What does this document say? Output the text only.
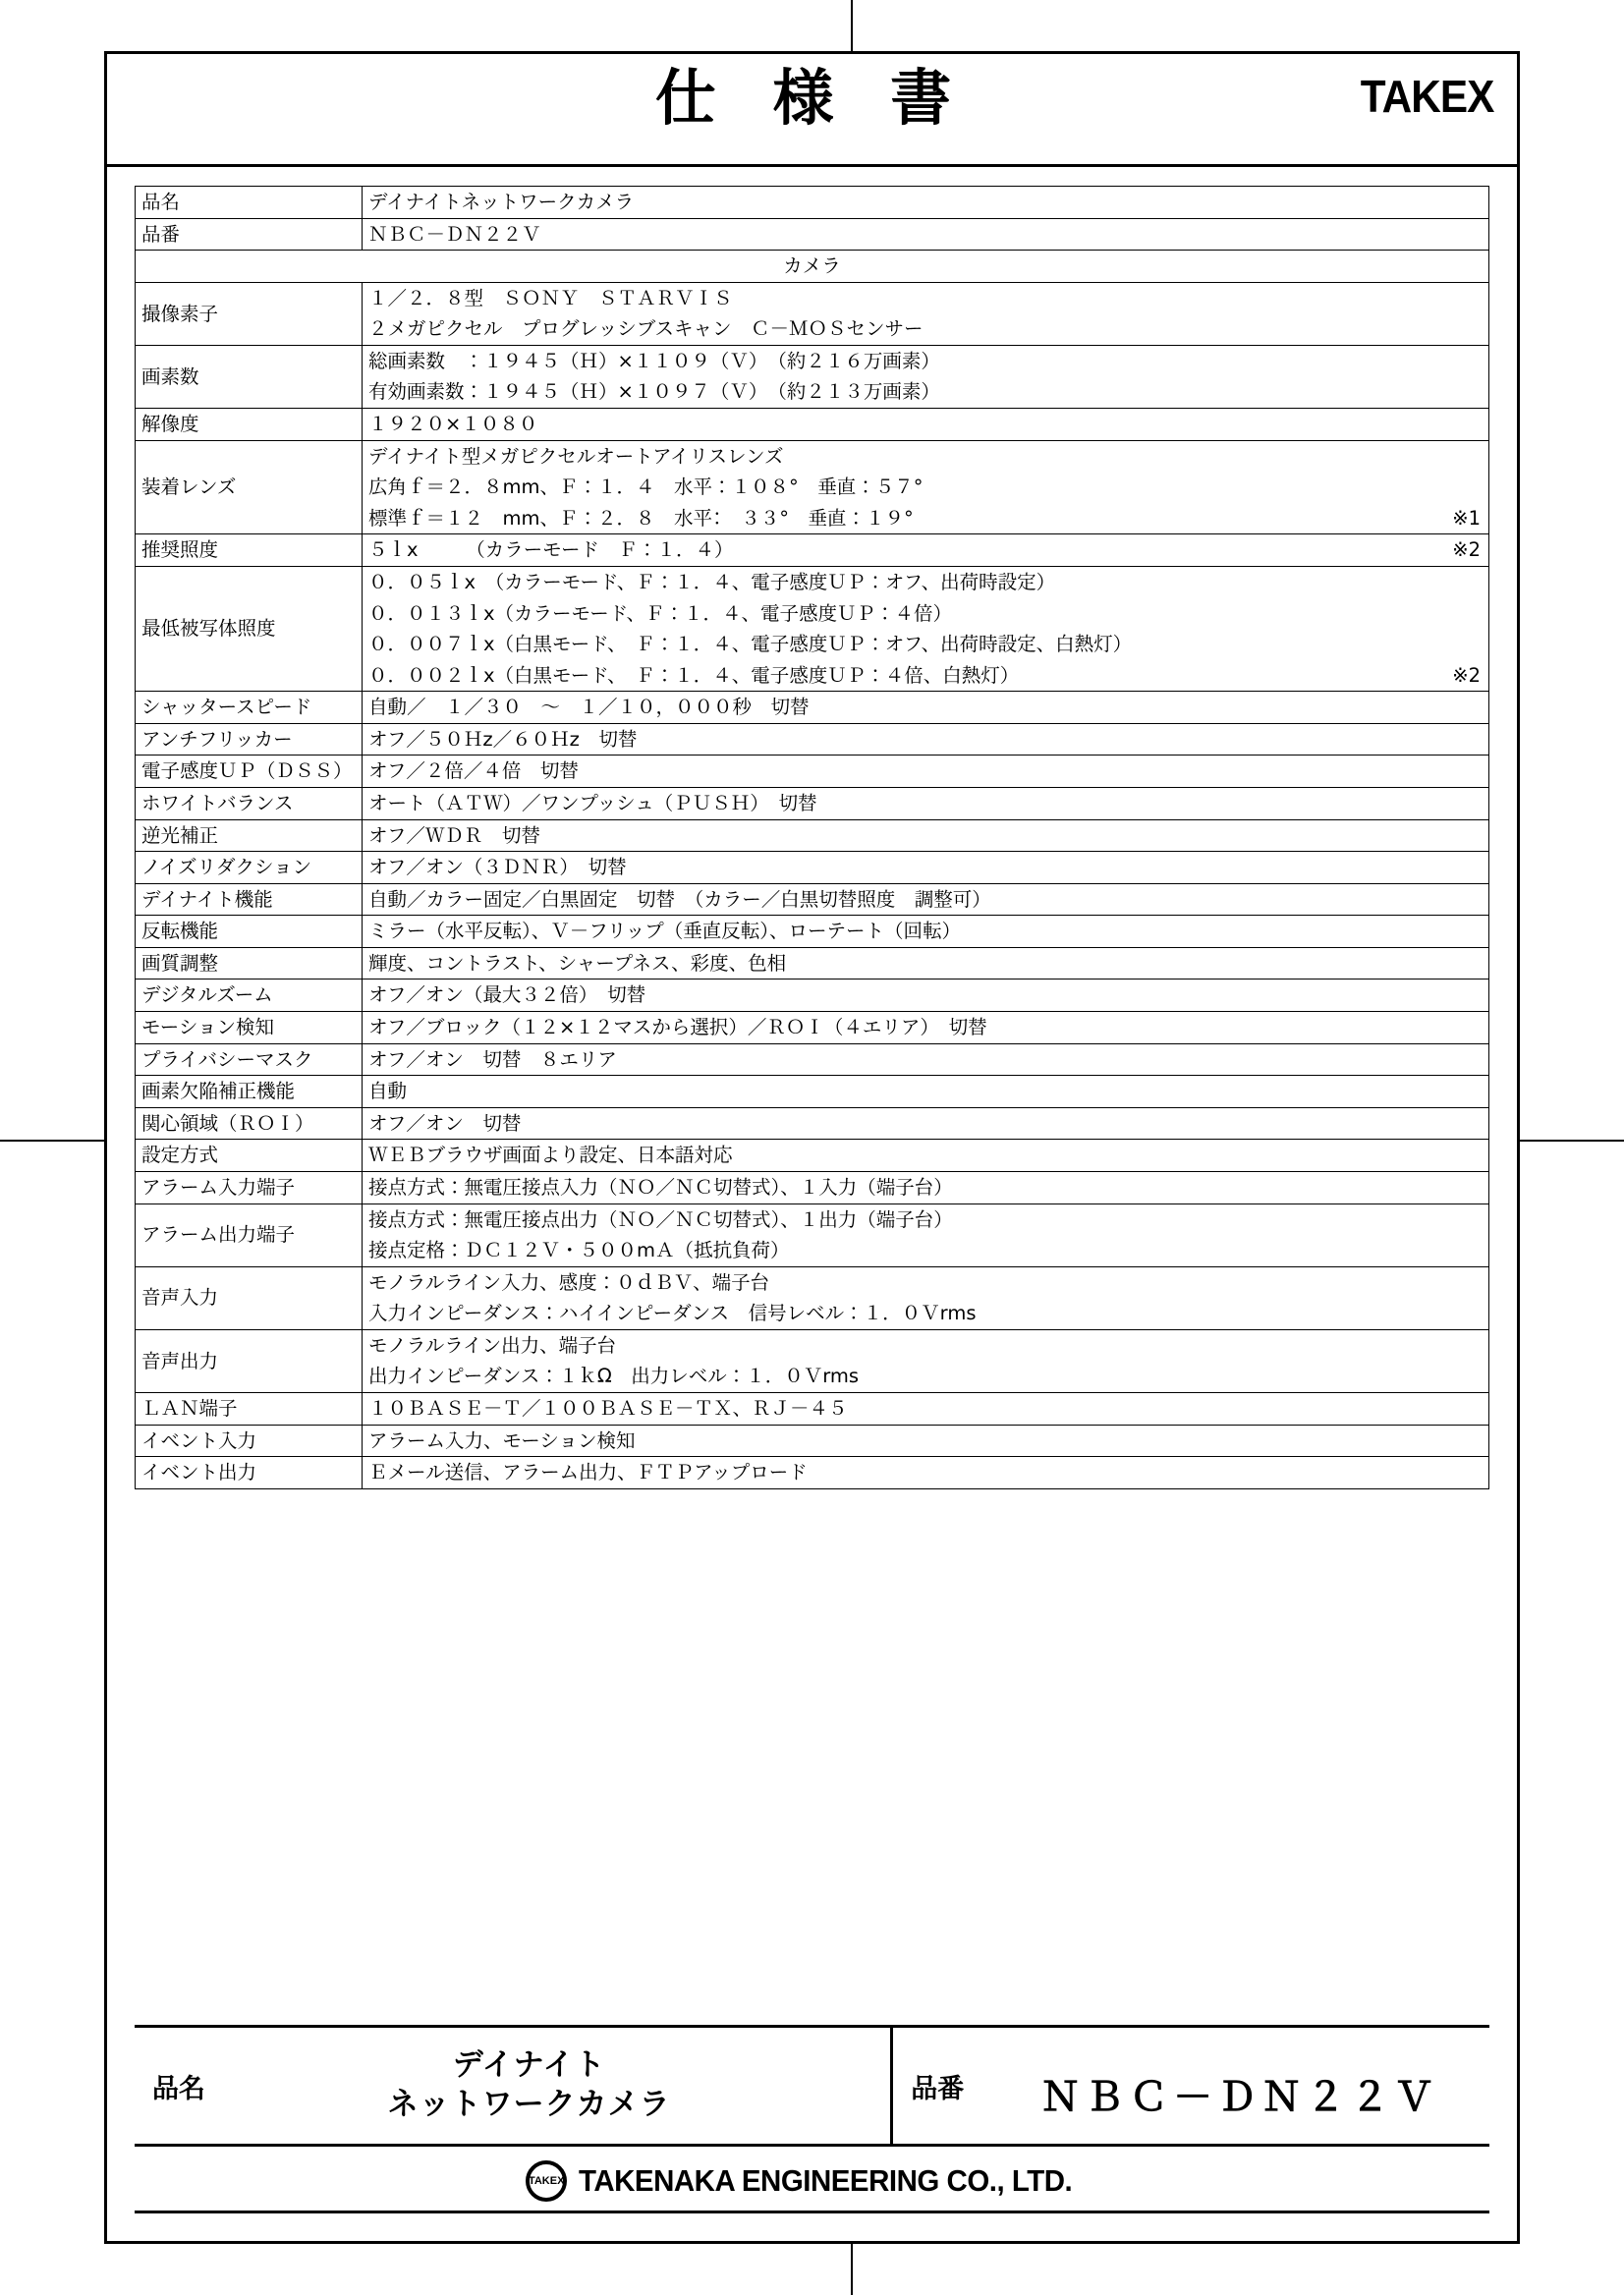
仕 様 書	TAKEX
品名	デイナイトネットワークカメラ

品番	ＮＢＣ－ＤＮ２２Ｖ

カメラ	
撮像素子	１／２．８型　ＳＯＮＹ　ＳＴＡＲＶＩＳ
２メガピクセル　プログレッシブスキャン　Ｃ－ＭＯＳセンサー

画素数	総画素数　：１９４５（Ｈ）×１１０９（Ｖ）　（約２１６万画素）
有効画素数：１９４５（Ｈ）×１０９７（Ｖ）　（約２１３万画素）

解像度	１９２０×１０８０

装着レンズ	デイナイト型メガピクセルオートアイリスレンズ
広角ｆ＝２．８mm、Ｆ：１．４　水平：１０８°　垂直：５７°
標準ｆ＝１２　mm、Ｆ：２．８　水平：　３３°　垂直：１９° ※1

推奨照度	５ｌx　　　（カラーモード　Ｆ：１．４） ※2

最低被写体照度	０．０５ｌx　（カラーモード、Ｆ：１．４、電子感度ＵＰ：オフ、出荷時設定）
０．０１３ｌx（カラーモード、Ｆ：１．４、電子感度ＵＰ：４倍）
０．００７ｌx（白黒モード、　Ｆ：１．４、電子感度ＵＰ：オフ、出荷時設定、白熱灯）
０．００２ｌx（白黒モード、　Ｆ：１．４、電子感度ＵＰ：４倍、白熱灯） ※2

シャッタースピード	自動／　１／３０　～　１／１０，０００秒　切替

アンチフリッカー	オフ／５０Ｈz／６０Ｈz　切替

電子感度ＵＰ（ＤＳＳ）	オフ／２倍／４倍　切替

ホワイトバランス	オート（ＡＴＷ）／ワンプッシュ（ＰＵＳＨ）　切替

逆光補正	オフ／ＷＤＲ　切替

ノイズリダクション	オフ／オン（３ＤＮＲ）　切替

デイナイト機能	自動／カラー固定／白黒固定　切替　（カラー／白黒切替照度　調整可）

反転機能	ミラー（水平反転）、Ｖ－フリップ（垂直反転）、ローテート（回転）

画質調整	輝度、コントラスト、シャープネス、彩度、色相

デジタルズーム	オフ／オン（最大３２倍）　切替

モーション検知	オフ／ブロック（１２×１２マスから選択）／ＲＯＩ（４エリア）　切替

プライバシーマスク	オフ／オン　切替　８エリア

画素欠陥補正機能	自動

関心領域（ＲＯＩ）	オフ／オン　切替

設定方式	ＷＥＢブラウザ画面より設定、日本語対応

アラーム入力端子	接点方式：無電圧接点入力（ＮＯ／ＮＣ切替式）、１入力（端子台）

アラーム出力端子	接点方式：無電圧接点出力（ＮＯ／ＮＣ切替式）、１出力（端子台）
接点定格：ＤＣ１２Ｖ・５００mＡ（抵抗負荷）

音声入力	モノラルライン入力、感度：０ｄＢＶ、端子台
入力インピーダンス：ハイインピーダンス　信号レベル：１．０Ｖrms

音声出力	モノラルライン出力、端子台
出力インピーダンス：１ｋΩ　出力レベル：１．０Ｖrms

ＬＡＮ端子	１０ＢＡＳＥ－Ｔ／１００ＢＡＳＥ－ＴＸ、ＲＪ－４５

イベント入力	アラーム入力、モーション検知

イベント出力	Ｅメール送信、アラーム出力、ＦＴＰアップロード
品名
デイナイト
ネットワークカメラ	品番	ＮＢＣ－ＤＮ２２Ｖ
TAKEX TAKENAKA ENGINEERING CO., LTD.
